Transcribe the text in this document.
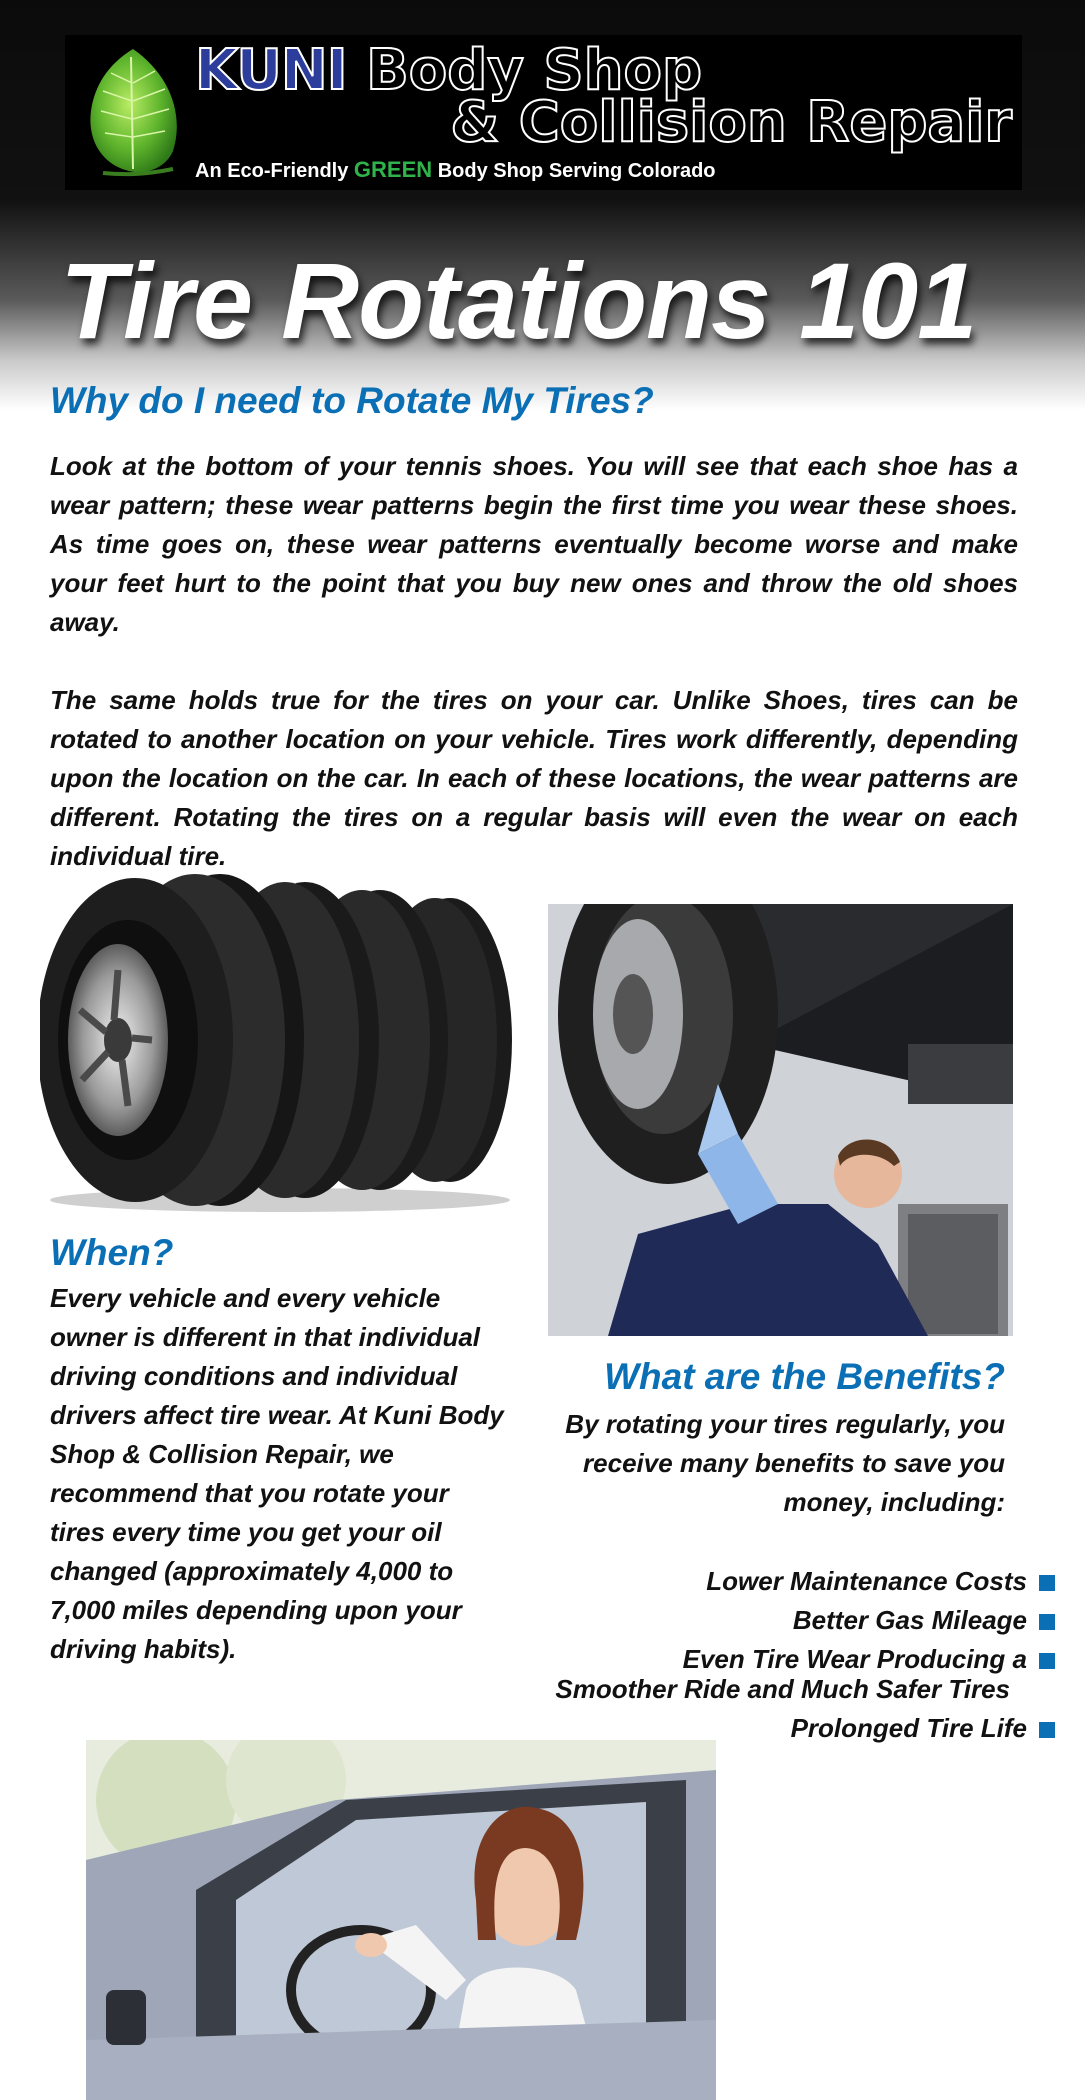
KUNI Body Shop
& Collision Repair
An Eco-Friendly GREEN Body Shop Serving Colorado
Tire Rotations 101
Why do I need to Rotate My Tires?
Look at the bottom of your tennis shoes. You will see that each shoe has a wear pattern; these wear patterns begin the first time you wear these shoes. As time goes on, these wear patterns eventually become worse and make your feet hurt to the point that you buy new ones and throw the old shoes away.
The same holds true for the tires on your car. Unlike Shoes, tires can be rotated to another location on your vehicle. Tires work differently, depending upon the location on the car. In each of these locations, the wear patterns are different. Rotating the tires on a regular basis will even the wear on each individual tire.
When?
Every vehicle and every vehicle owner is different in that individual driving conditions and individual drivers affect tire wear. At Kuni Body Shop & Collision Repair, we recommend that you rotate your tires every time you get your oil changed (approximately 4,000 to 7,000 miles depending upon your driving habits).
What are the Benefits?
By rotating your tires regularly, you receive many benefits to save you money, including:
Lower Maintenance Costs
Better Gas Mileage
Even Tire Wear Producing a
Smoother Ride and Much Safer Tires
Prolonged Tire Life
